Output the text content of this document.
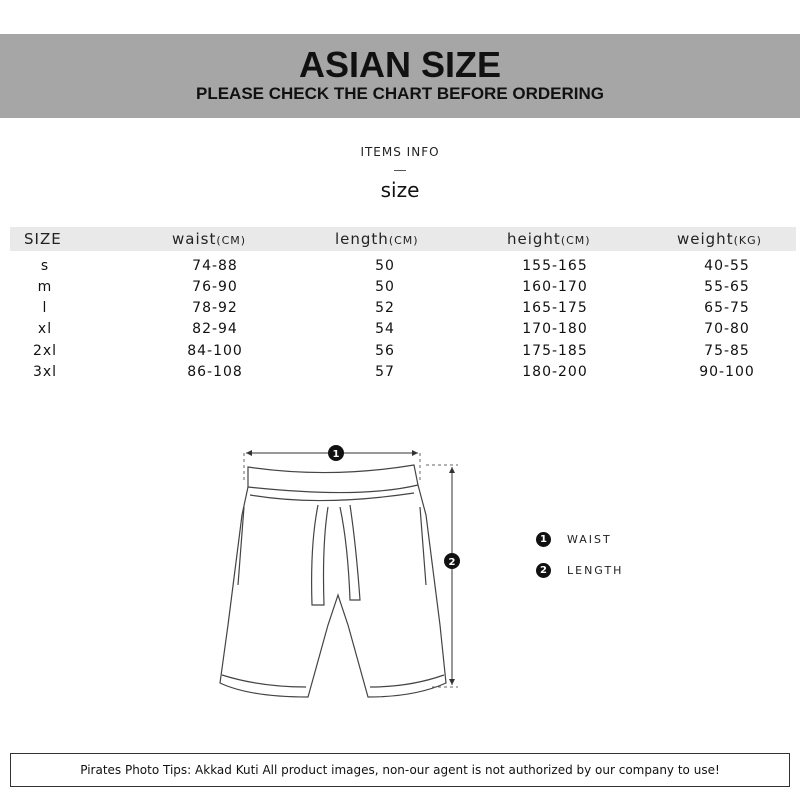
ASIAN SIZE
PLEASE CHECK THE CHART BEFORE ORDERING
ITEMS INFO
size
SIZE	waist(CM)	length(CM)	height(CM)	weight(KG)
s	74-88	50	155-165	40-55
m	76-90	50	160-170	55-65
l	78-92	52	165-175	65-75
xl	82-94	54	170-180	70-80
2xl	84-100	56	175-185	75-85
3xl	86-108	57	180-200	90-100
1
2
1	WAIST
2	LENGTH
Pirates Photo Tips: Akkad Kuti All product images, non-our agent is not authorized by our company to use!
